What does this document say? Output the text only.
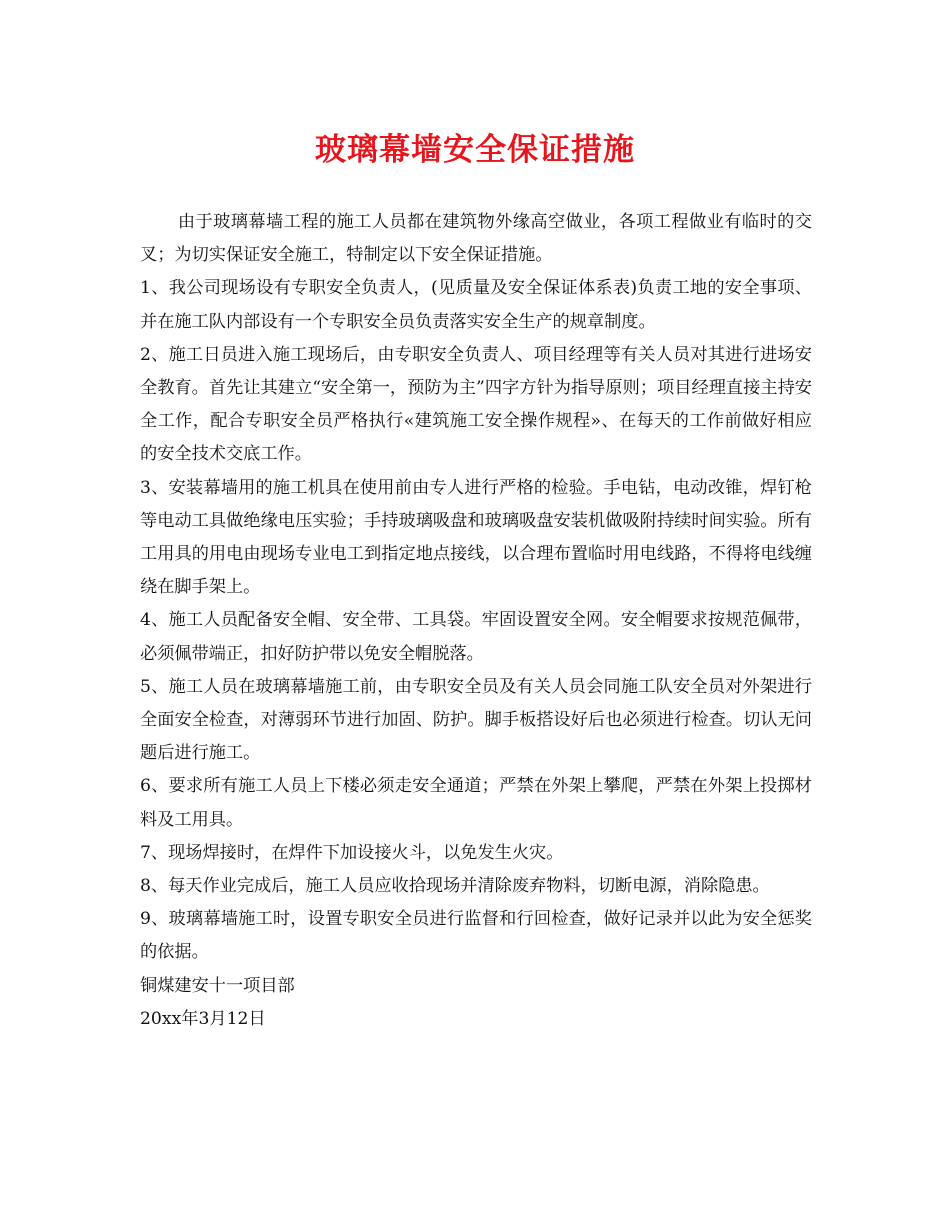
玻璃幕墙安全保证措施

由于玻璃幕墙工程的施工人员都在建筑物外缘高空做业，各项工程做业有临时的交叉；为切实保证安全施工，特制定以下安全保证措施。

1、我公司现场设有专职安全负责人，(见质量及安全保证体系表)负责工地的安全事项、并在施工队内部设有一个专职安全员负责落实安全生产的规章制度。

2、施工日员进入施工现场后，由专职安全负责人、项目经理等有关人员对其进行进场安全教育。首先让其建立“安全第一，预防为主”四字方针为指导原则；项目经理直接主持安全工作，配合专职安全员严格执行«建筑施工安全操作规程»、在每天的工作前做好相应的安全技术交底工作。

3、安装幕墙用的施工机具在使用前由专人进行严格的检验。手电钻，电动改锥，焊钉枪等电动工具做绝缘电压实验；手持玻璃吸盘和玻璃吸盘安装机做吸附持续时间实验。所有工用具的用电由现场专业电工到指定地点接线，以合理布置临时用电线路，不得将电线缠绕在脚手架上。

4、施工人员配备安全帽、安全带、工具袋。牢固设置安全网。安全帽要求按规范佩带，必须佩带端正，扣好防护带以免安全帽脱落。

5、施工人员在玻璃幕墙施工前，由专职安全员及有关人员会同施工队安全员对外架进行全面安全检查，对薄弱环节进行加固、防护。脚手板搭设好后也必须进行检查。切认无问题后进行施工。

6、要求所有施工人员上下楼必须走安全通道；严禁在外架上攀爬，严禁在外架上投掷材料及工用具。

7、现场焊接时，在焊件下加设接火斗，以免发生火灾。

8、每天作业完成后，施工人员应收拾现场并清除废弃物料，切断电源，消除隐患。

9、玻璃幕墙施工时，设置专职安全员进行监督和行回检查，做好记录并以此为安全惩奖的依据。

铜煤建安十一项目部

20xx年3月12日
